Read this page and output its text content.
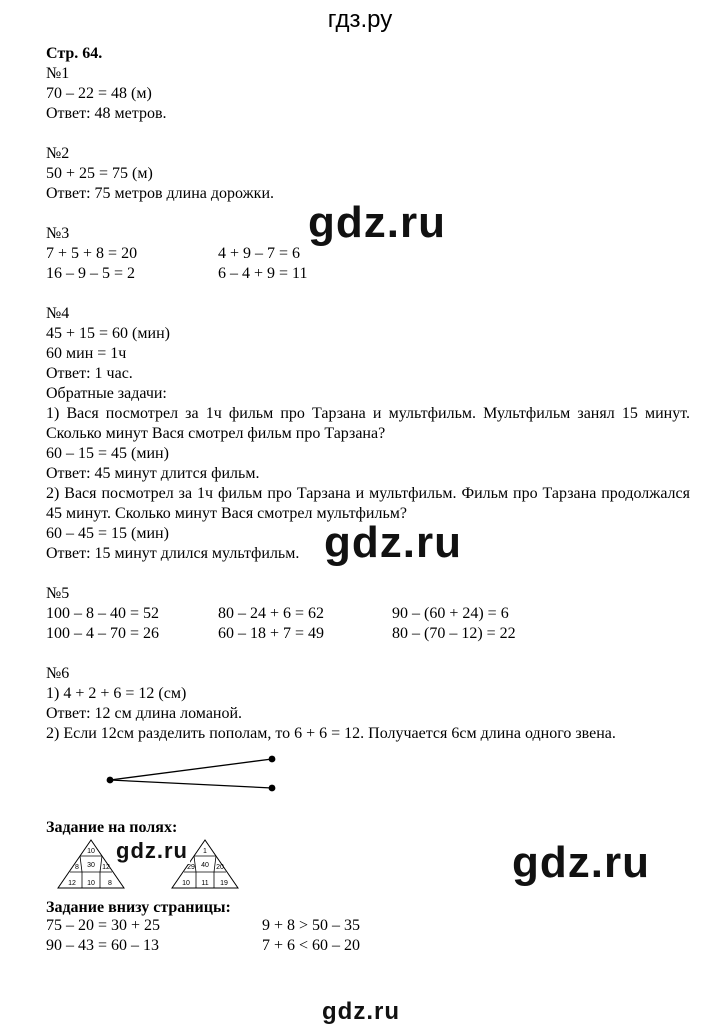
гдз.ру
Стр. 64.
№1
70 – 22 = 48 (м)
Ответ: 48 метров.
№2
50 + 25 = 75 (м)
Ответ: 75 метров длина дорожки.
№3
7 + 5 + 8 = 20
16 – 9 – 5 = 2
4 + 9 – 7 = 6
6 – 4 + 9 = 11
№4
45 + 15 = 60 (мин)
60 мин = 1ч
Ответ: 1 час.
Обратные задачи:
1) Вася посмотрел за 1ч фильм про Тарзана и мультфильм. Мультфильм занял 15 минут. Сколько минут Вася смотрел фильм про Тарзана?
60 – 15 = 45 (мин)
Ответ: 45 минут длится фильм.
2) Вася посмотрел за 1ч фильм про Тарзана и мультфильм. Фильм про Тарзана продолжался 45 минут. Сколько минут Вася смотрел мультфильм?
60 – 45 = 15 (мин)
Ответ: 15 минут длился мультфильм.
№5
100 – 8 – 40 = 52
100 – 4 – 70 = 26
80 – 24 + 6 = 62
60 – 18 + 7 = 49
90 – (60 + 24) = 6
80 – (70 – 12) = 22
№6
1) 4 + 2 + 6 = 12 (см)
Ответ: 12 см длина ломаной.
2) Если 12см разделить пополам, то 6 + 6 = 12. Получается 6см длина одного звена.
Задание на полях:
10
8 30 12
12 10 8
1
29 40 20
10 11 19
Задание внизу страницы:
75 – 20 = 30 + 25
90 – 43 = 60 – 13
9 + 8 > 50 – 35
7 + 6 < 60 – 20
gdz.ru
gdz.ru
gdz.ru	gdz.ru
gdz.ru
